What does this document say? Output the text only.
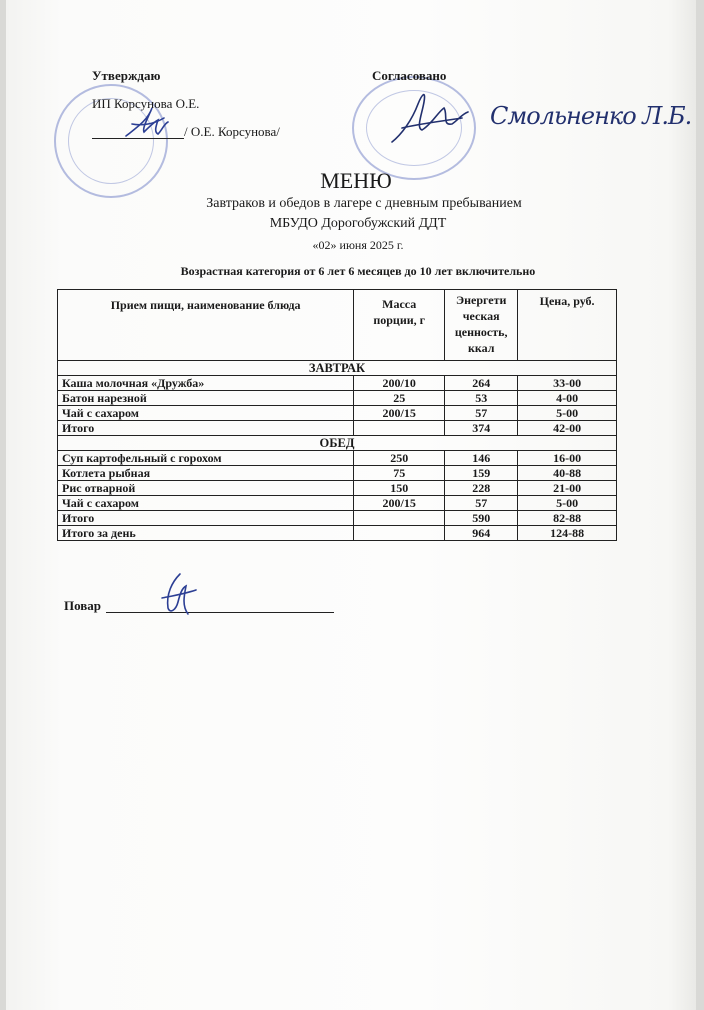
Утверждаю
ИП Корсунова О.Е.
/ О.Е. Корсунова/
Согласовано
Смольненко Л.Б.
МЕНЮ
Завтраков и обедов в лагере с дневным пребыванием
МБУДО Дорогобужский ДДТ
«02» июня 2025 г.
Возрастная категория от 6 лет 6 месяцев до 10 лет включительно
Прием пищи, наименование блюда	Масса порции, г	Энергети ческая ценность, ккал	Цена, руб.
ЗАВТРАК			
Каша молочная «Дружба»	200/10	264	33-00
Батон нарезной	25	53	4-00
Чай с сахаром	200/15	57	5-00
Итого		374	42-00
ОБЕД			
Суп картофельный с горохом	250	146	16-00
Котлета рыбная	75	159	40-88
Рис отварной	150	228	21-00
Чай с сахаром	200/15	57	5-00
Итого		590	82-88
Итого за день		964	124-88
Повар
